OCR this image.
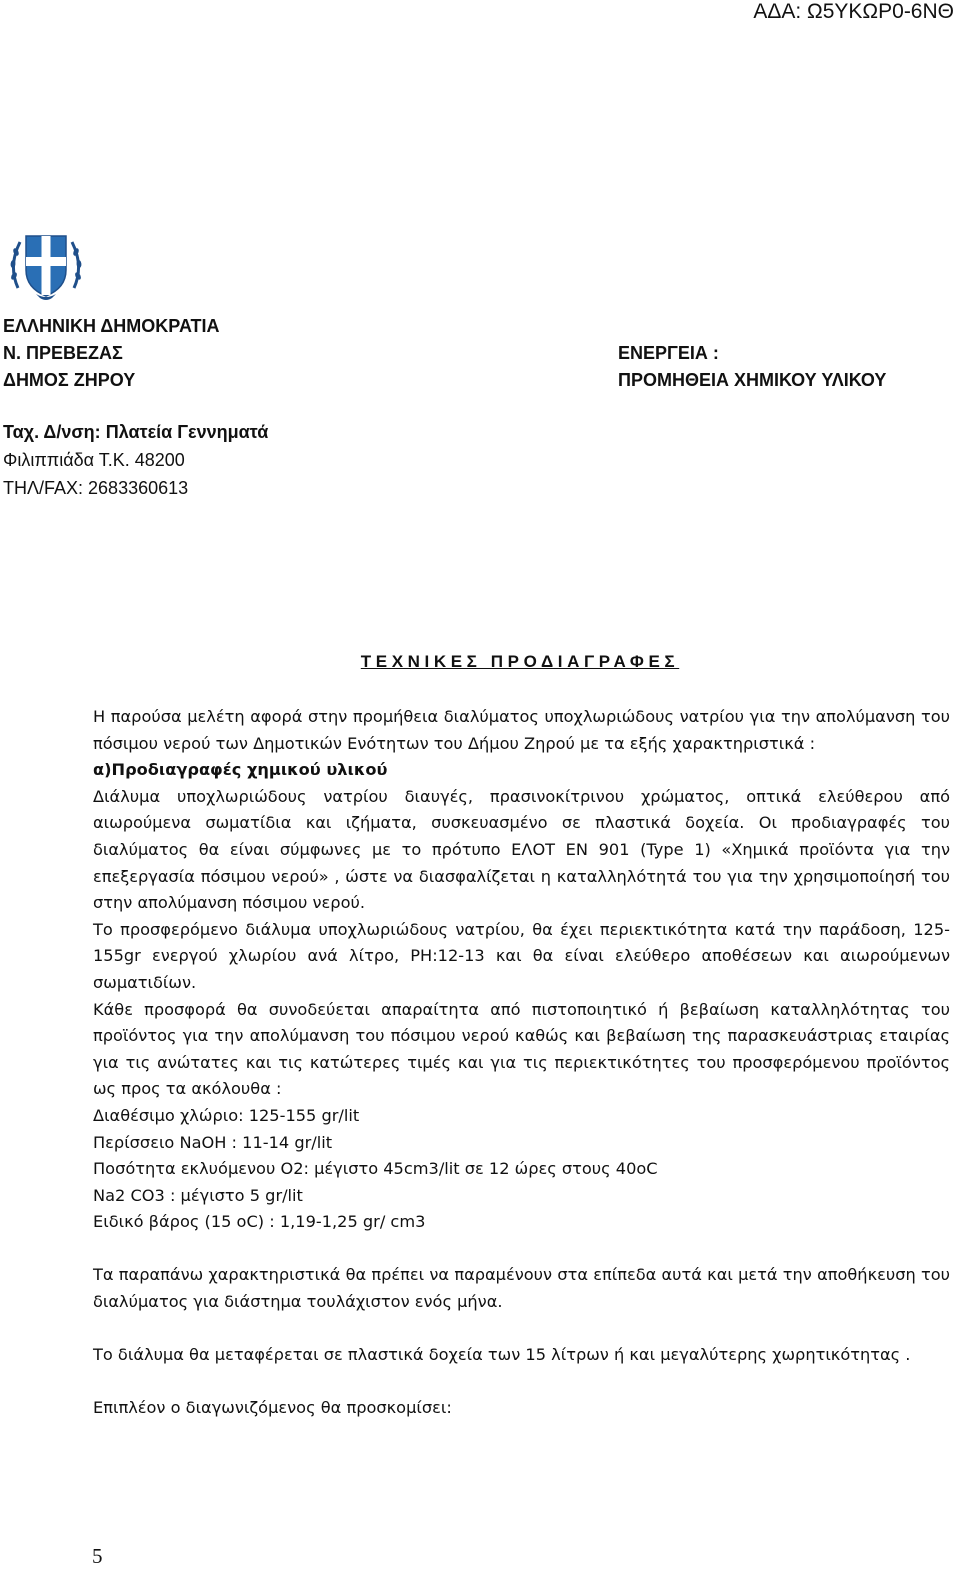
ΑΔΑ: Ω5ΥΚΩΡ0-6ΝΘ
ΕΛΛΗΝΙΚΗ ΔΗΜΟΚΡΑΤΙΑ
Ν. ΠΡΕΒΕΖΑΣ
ΔΗΜΟΣ ΖΗΡΟΥ
ΕΝΕΡΓΕΙΑ :
ΠΡΟΜΗΘΕΙΑ ΧΗΜΙΚΟΥ ΥΛΙΚΟΥ
Ταχ. Δ/νση: Πλατεία Γεννηματά
Φιλιππιάδα Τ.Κ. 48200
ΤΗΛ/FAX: 2683360613
ΤΕΧΝΙΚΕΣ ΠΡΟΔΙΑΓΡΑΦΕΣ

Η παρούσα μελέτη αφορά στην προμήθεια διαλύματος υποχλωριώδους νατρίου για την απολύμανση του πόσιμου νερού των Δημοτικών Ενότητων του Δήμου Ζηρού με τα εξής χαρακτηριστικά :

α)Προδιαγραφές χημικού υλικού

Διάλυμα υποχλωριώδους νατρίου διαυγές, πρασινοκίτρινου χρώματος, οπτικά ελεύθερου από αιωρούμενα σωματίδια και ιζήματα, συσκευασμένο σε πλαστικά δοχεία. Οι προδιαγραφές του διαλύματος θα είναι σύμφωνες με το πρότυπο ΕΛΟΤ ΕΝ 901 (Type 1) «Χημικά προϊόντα για την επεξεργασία πόσιμου νερού» , ώστε να διασφαλίζεται η καταλληλότητά του για την χρησιμοποίησή του στην απολύμανση πόσιμου νερού.

Το προσφερόμενο διάλυμα υποχλωριώδους νατρίου, θα έχει περιεκτικότητα κατά την παράδοση, 125-155gr ενεργού χλωρίου ανά λίτρο, ΡΗ:12-13 και θα είναι ελεύθερο αποθέσεων και αιωρούμενων σωματιδίων.

Κάθε προσφορά θα συνοδεύεται απαραίτητα από πιστοποιητικό ή βεβαίωση καταλληλότητας του προϊόντος για την απολύμανση του πόσιμου νερού καθώς και βεβαίωση της παρασκευάστριας εταιρίας για τις ανώτατες και τις κατώτερες τιμές και για τις περιεκτικότητες του προσφερόμενου προϊόντος ως προς τα ακόλουθα :

Διαθέσιμο χλώριο: 125-155 gr/lit

Περίσσειο NaOH : 11-14 gr/lit

Ποσότητα εκλυόμενου Ο2: μέγιστο 45cm3/lit σε 12 ώρες στους 40oC

Na2 CO3 : μέγιστο 5 gr/lit

Ειδικό βάρος (15 oC) : 1,19-1,25 gr/ cm3

Τα παραπάνω χαρακτηριστικά θα πρέπει να παραμένουν στα επίπεδα αυτά και μετά την αποθήκευση του διαλύματος για διάστημα τουλάχιστον ενός μήνα.

Το διάλυμα θα μεταφέρεται σε πλαστικά δοχεία των 15 λίτρων ή και μεγαλύτερης χωρητικότητας .

Επιπλέον ο διαγωνιζόμενος θα προσκομίσει:

5
